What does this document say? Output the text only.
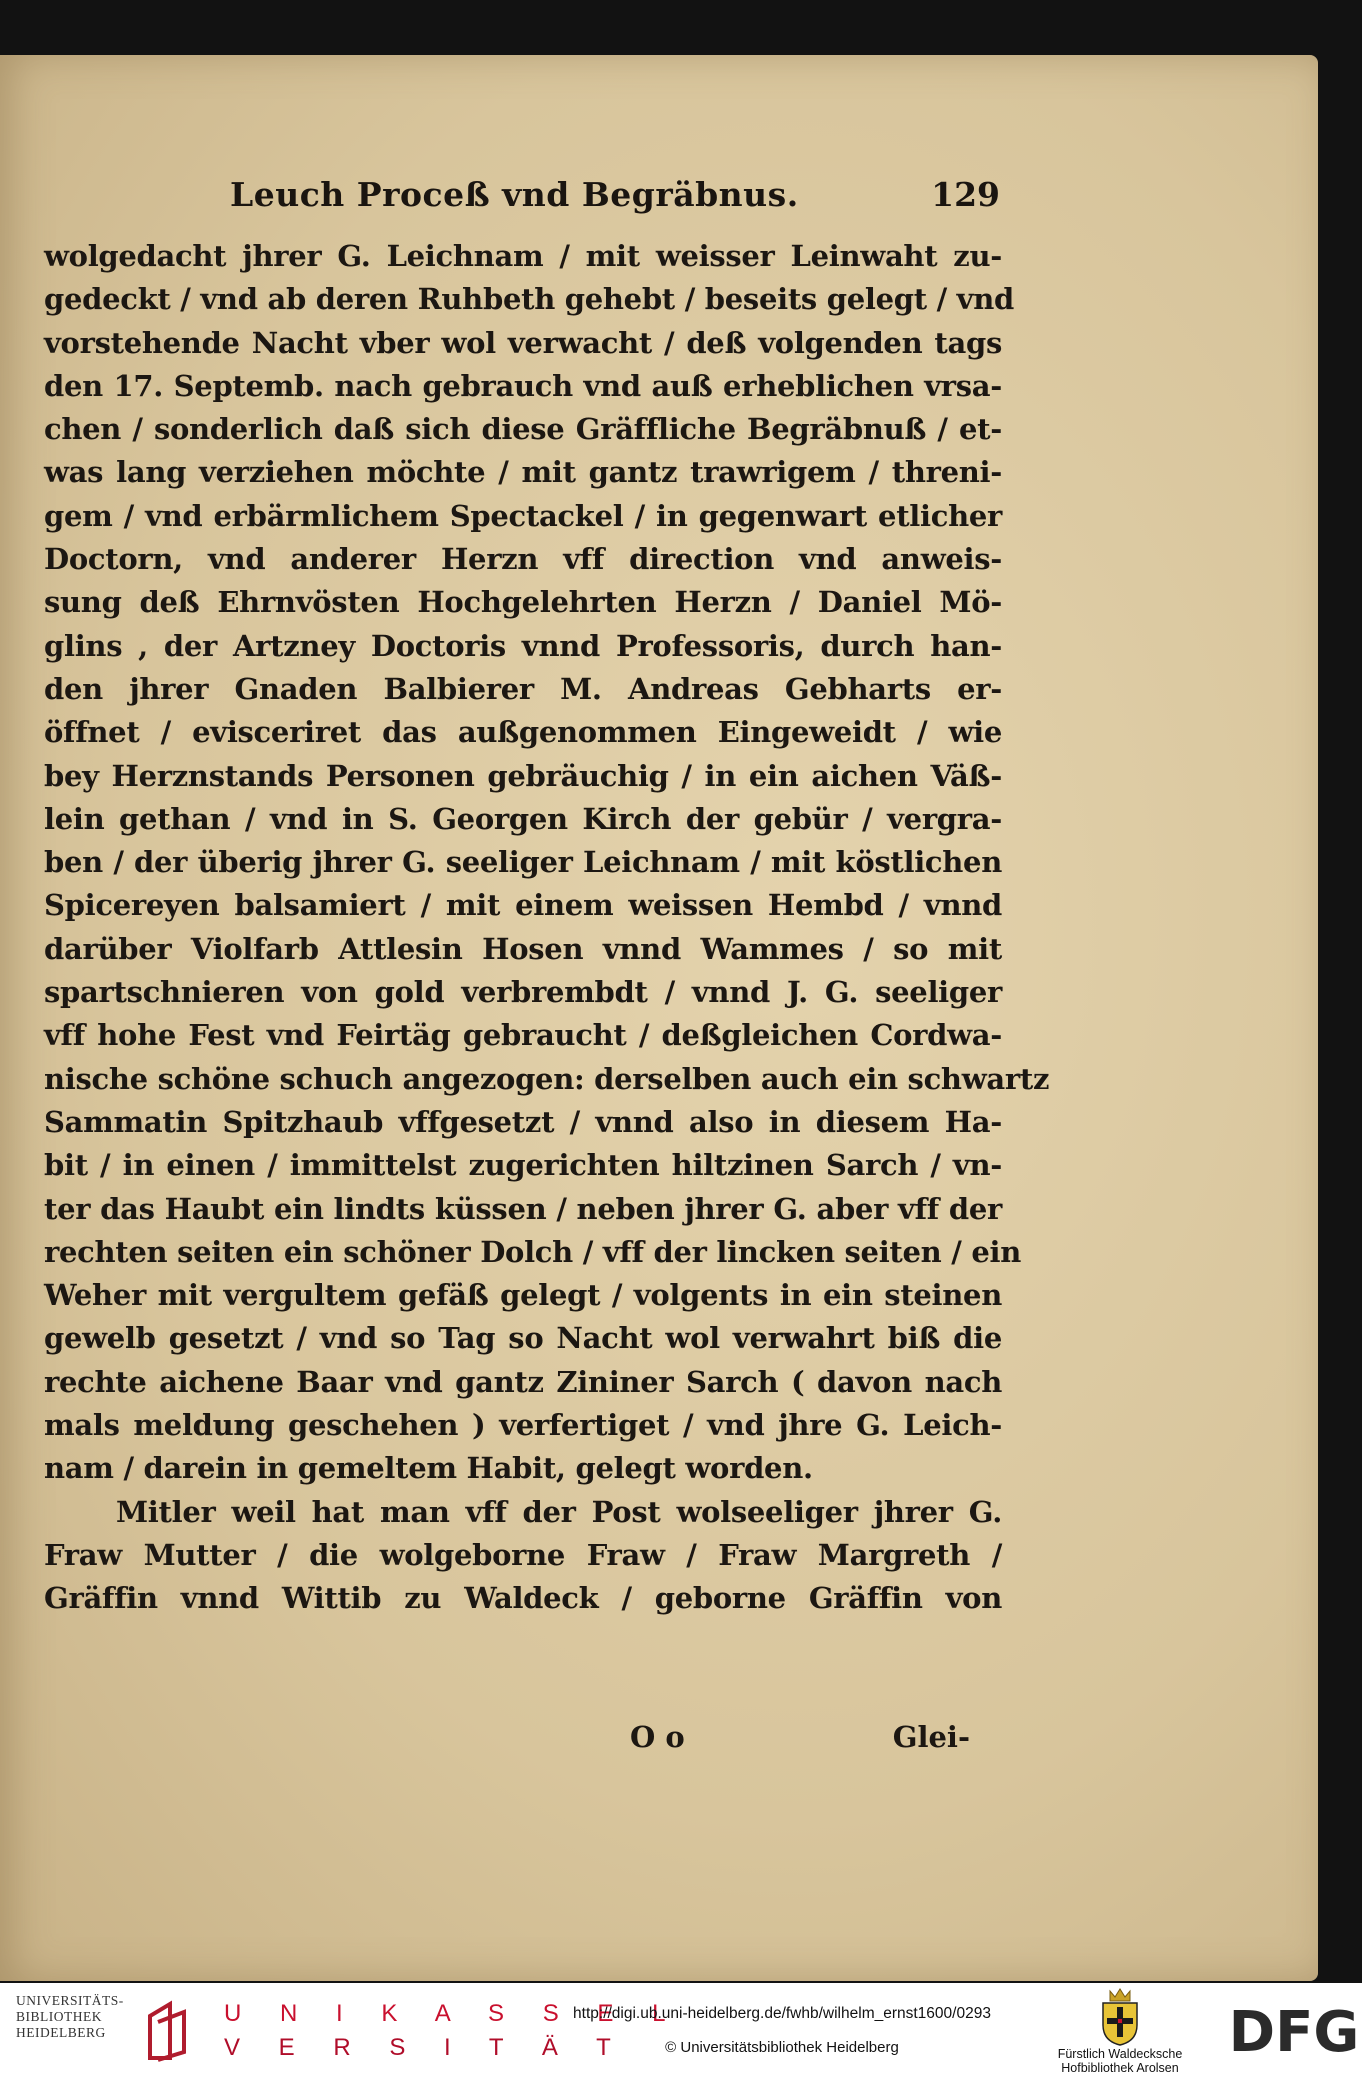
Leuch Proceß vnd Begräbnus.	129
wolgedacht jhrer G. Leichnam / mit weisser Leinwaht zu-
gedeckt / vnd ab deren Ruhbeth gehebt / beseits gelegt / vnd
vorstehende Nacht vber wol verwacht / deß volgenden tags
den 17. Septemb. nach gebrauch vnd auß erheblichen vrsa-
chen / sonderlich daß sich diese Gräffliche Begräbnuß / et-
was lang verziehen möchte / mit gantz trawrigem / threni-
gem / vnd erbärmlichem Spectackel / in gegenwart etlicher
Doctorn, vnd anderer Herzn vff direction vnd anweis-
sung deß Ehrnvösten Hochgelehrten Herzn / Daniel Mö-
glins , der Artzney Doctoris vnnd Professoris, durch han-
den jhrer Gnaden Balbierer M. Andreas Gebharts er-
öffnet / evisceriret das außgenommen Eingeweidt / wie
bey Herznstands Personen gebräuchig / in ein aichen Väß-
lein gethan / vnd in S. Georgen Kirch der gebür / vergra-
ben / der überig jhrer G. seeliger Leichnam / mit köstlichen
Spicereyen balsamiert / mit einem weissen Hembd / vnnd
darüber Violfarb Attlesin Hosen vnnd Wammes / so mit
spartschnieren von gold verbrembdt / vnnd J. G. seeliger
vff hohe Fest vnd Feirtäg gebraucht / deßgleichen Cordwa-
nische schöne schuch angezogen: derselben auch ein schwartz
Sammatin Spitzhaub vffgesetzt / vnnd also in diesem Ha-
bit / in einen / immittelst zugerichten hiltzinen Sarch / vn-
ter das Haubt ein lindts küssen / neben jhrer G. aber vff der
rechten seiten ein schöner Dolch / vff der lincken seiten / ein
Weher mit vergultem gefäß gelegt / volgents in ein steinen
gewelb gesetzt / vnd so Tag so Nacht wol verwahrt biß die
rechte aichene Baar vnd gantz Zininer Sarch ( davon nach
mals meldung geschehen ) verfertiget / vnd jhre G. Leich-
nam / darein in gemeltem Habit, gelegt worden.
Mitler weil hat man vff der Post wolseeliger jhrer G.
Fraw Mutter / die wolgeborne Fraw / Fraw Margreth /
Gräffin vnnd Wittib zu Waldeck / geborne Gräffin von
O o	Glei-
UNIVERSITÄTS- BIBLIOTHEK HEIDELBERG
U N I K A S S E L
V E R S I T Ä T
http://digi.ub.uni-heidelberg.de/fwhb/wilhelm_ernst1600/0293
© Universitätsbibliothek Heidelberg	Fürstlich Waldecksche Hofbibliothek Arolsen
DFG
